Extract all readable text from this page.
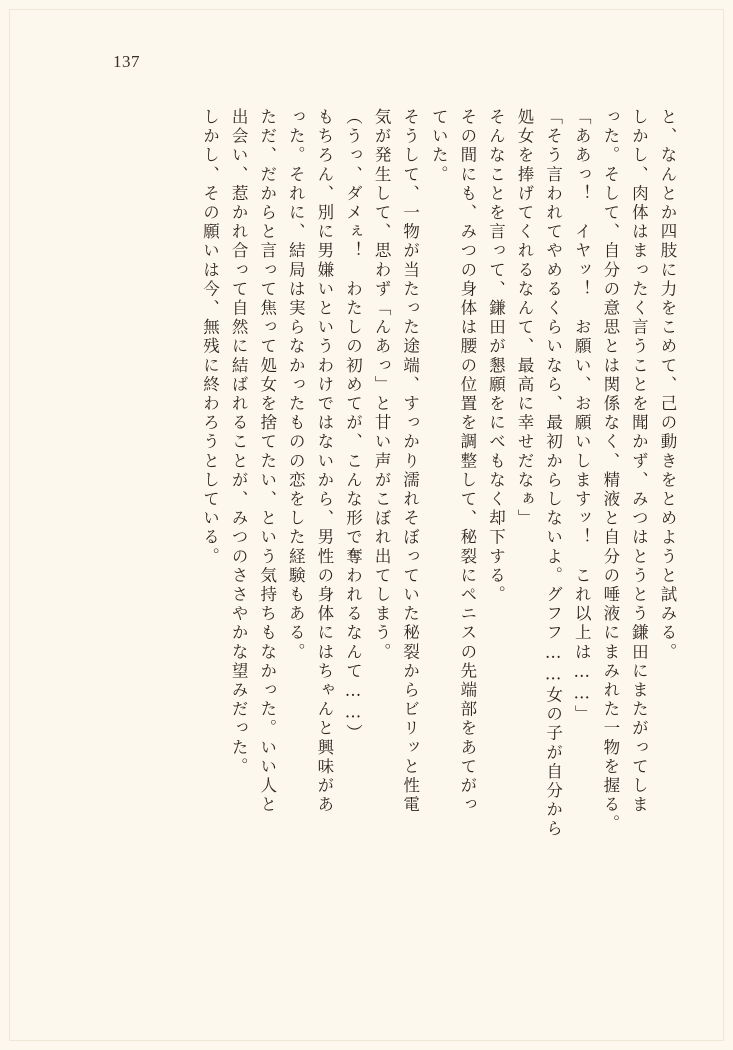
137
と、なんとか四肢に力をこめて、己の動きをとめようと試みる。
しかし、肉体はまったく言うことを聞かず、みつはとうとう鎌田にまたがってしま
った。そして、自分の意思とは関係なく、精液と自分の唾液にまみれた一物を握る。
「ああっ！　イヤッ！　お願い、お願いしますッ！　これ以上は……」
「そう言われてやめるくらいなら、最初からしないよ。グフフ……女の子が自分から
処女を捧げてくれるなんて、最高に幸せだなぁ」
そんなことを言って、鎌田が懇願をにべもなく却下する。
その間にも、みつの身体は腰の位置を調整して、秘裂にペニスの先端部をあてがっ
ていた。
そうして、一物が当たった途端、すっかり濡れそぼっていた秘裂からビリッと性電
気が発生して、思わず「んあっ」と甘い声がこぼれ出てしまう。
（うっ、ダメぇ！　わたしの初めてが、こんな形で奪われるなんて……）
もちろん、別に男嫌いというわけではないから、男性の身体にはちゃんと興味があ
った。それに、結局は実らなかったものの恋をした経験もある。
ただ、だからと言って焦って処女を捨てたい、という気持ちもなかった。いい人と
出会い、惹かれ合って自然に結ばれることが、みつのささやかな望みだった。
しかし、その願いは今、無残に終わろうとしている。
